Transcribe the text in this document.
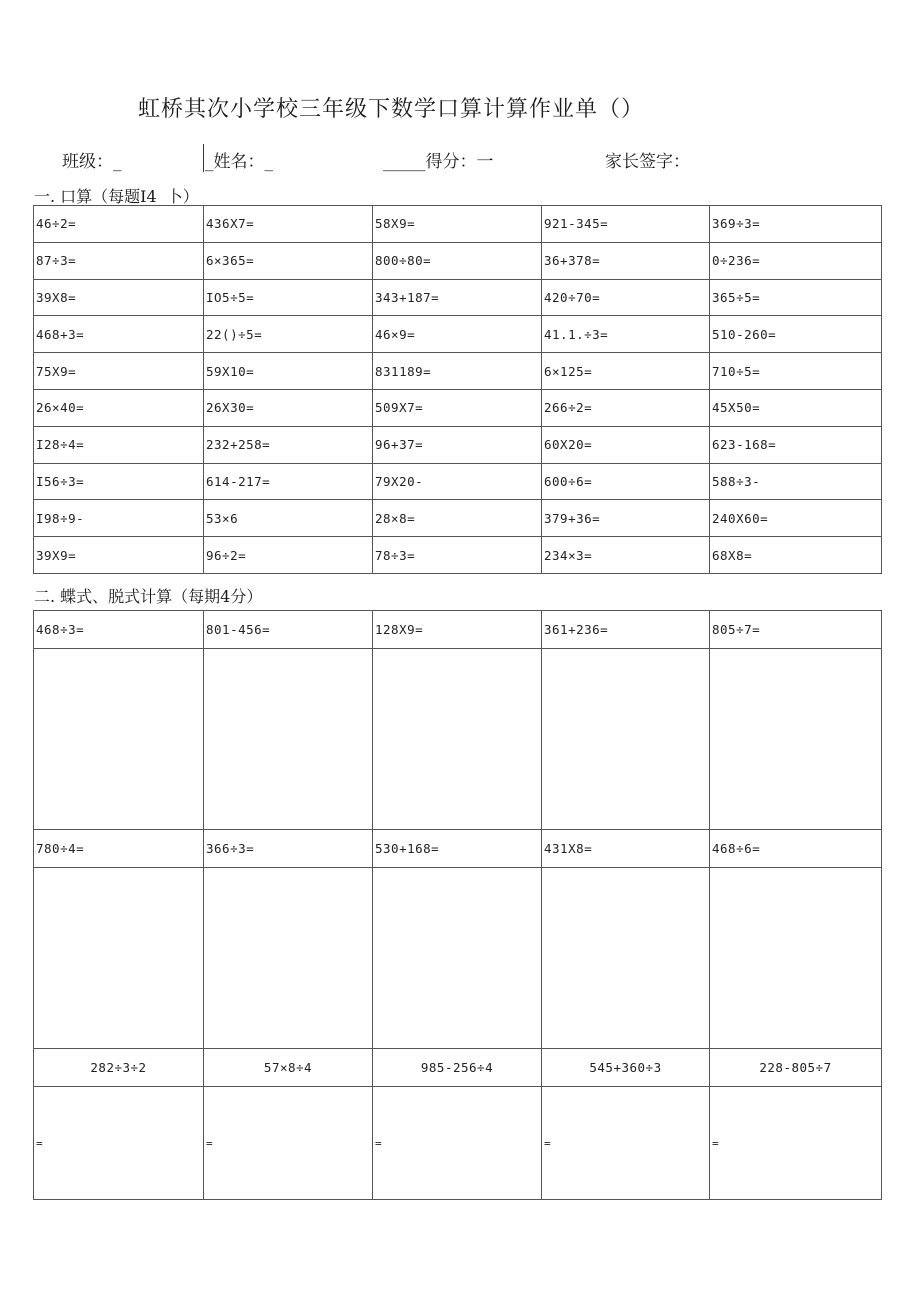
虹桥其次小学校三年级下数学口算计算作业单（）
班级：_	_姓名：_	_____得分：一	家长签字：
一. 口算（每题I4 卜）
46÷2=	436X7=	58X9=	921-345=	369÷3=
87÷3=	6×365=	800÷80=	36+378=	0÷236=
39X8=	IO5÷5=	343+187=	420÷70=	365÷5=
468+3=	22()÷5=	46×9=	41.1.÷3=	510-260=
75X9=	59X10=	831189=	6×125=	710÷5=
26×40=	26X30=	509X7=	266÷2=	45X50=
I28÷4=	232+258=	96+37=	60X20=	623-168=
I56÷3=	614-217=	79X20-	600÷6=	588÷3-
I98÷9-	53×6	28×8=	379+36=	240X60=
39X9=	96÷2=	78÷3=	234×3=	68X8=
二. 蝶式、脱式计算（每期4分）
468÷3=	801-456=	128X9=	361+236=	805÷7=

780÷4=	366÷3=	530+168=	431X8=	468÷6=

282÷3÷2	57×8÷4	985-256÷4	545+360÷3	228-805÷7
=	=	=	=	=
